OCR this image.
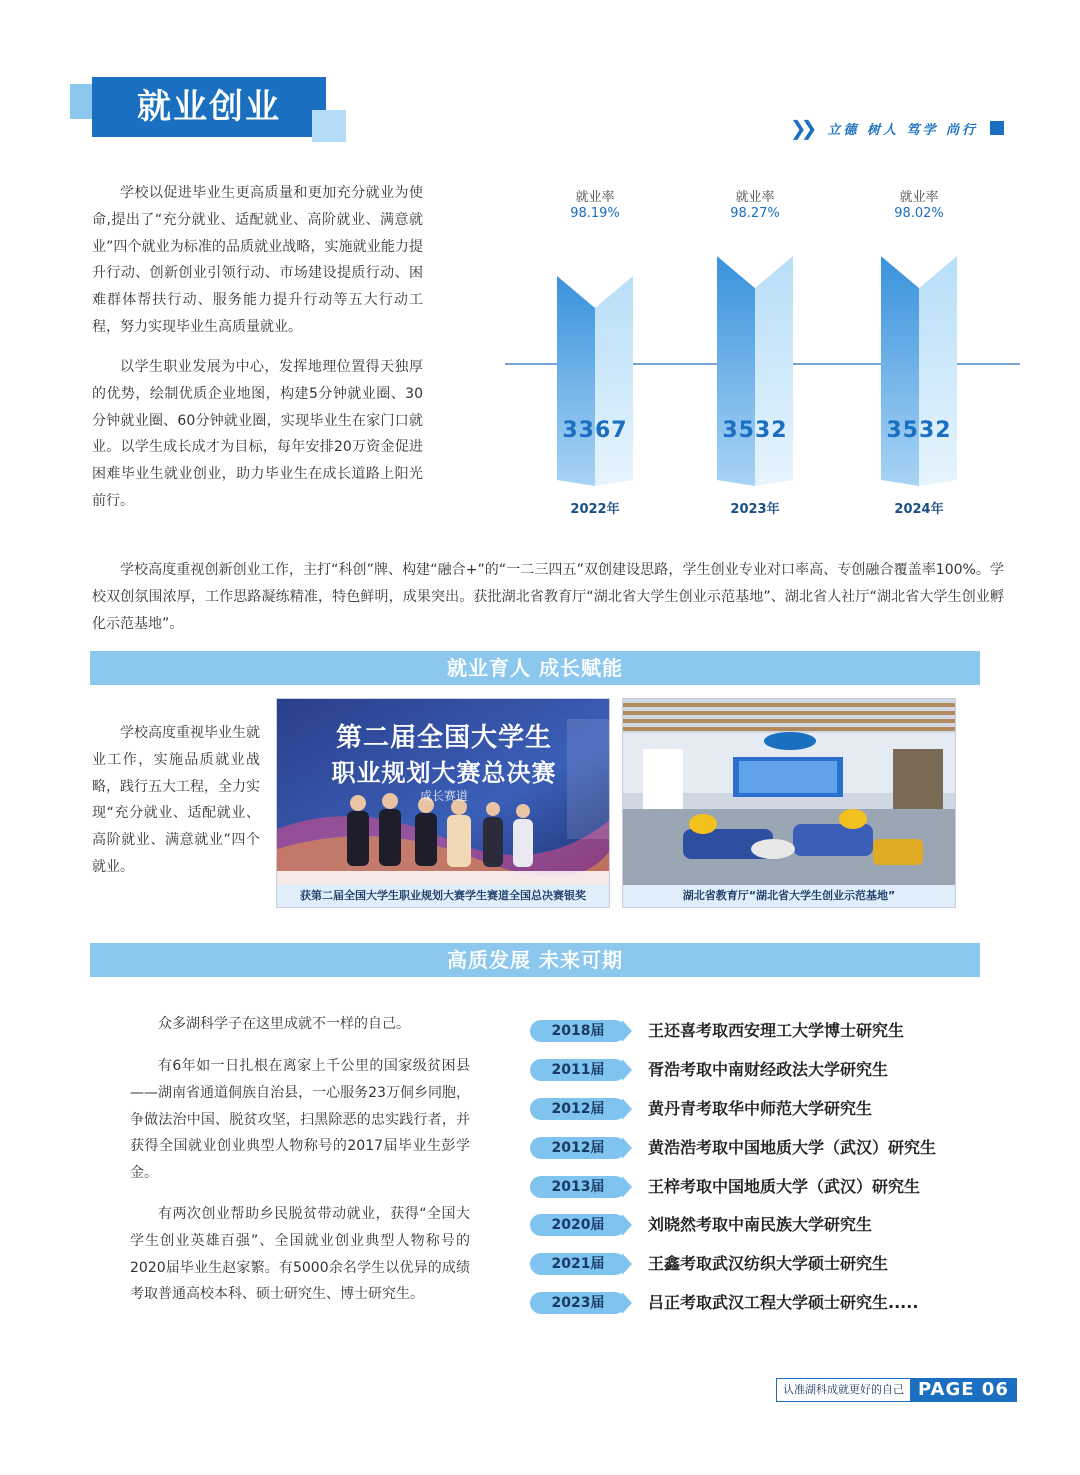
就业创业
❯❯ 立德 树人 笃学 尚行

学校以促进毕业生更高质量和更加充分就业为使命,提出了“充分就业、适配就业、高阶就业、满意就业”四个就业为标准的品质就业战略，实施就业能力提升行动、创新创业引领行动、市场建设提质行动、困难群体帮扶行动、服务能力提升行动等五大行动工程，努力实现毕业生高质量就业。

以学生职业发展为中心，发挥地理位置得天独厚的优势，绘制优质企业地图，构建5分钟就业圈、30分钟就业圈、60分钟就业圈，实现毕业生在家门口就业。以学生成长成才为目标，每年安排20万资金促进困难毕业生就业创业，助力毕业生在成长道路上阳光前行。

就业率
98.19%
3367
2022年
就业率
98.27%
3532
2023年
就业率
98.02%
3532
2024年

学校高度重视创新创业工作，主打“科创”牌、构建“融合+”的“一二三四五”双创建设思路，学生创业专业对口率高、专创融合覆盖率100%。学校双创氛围浓厚，工作思路凝练精准，特色鲜明，成果突出。获批湖北省教育厅“湖北省大学生创业示范基地”、湖北省人社厅“湖北省大学生创业孵化示范基地”。

就业育人 成长赋能

学校高度重视毕业生就业工作，实施品质就业战略，践行五大工程，全力实现“充分就业、适配就业、高阶就业、满意就业”四个就业。

第二届全国大学生
职业规划大赛总决赛
成长赛道
获第二届全国大学生职业规划大赛学生赛道全国总决赛银奖	湖北省教育厅“湖北省大学生创业示范基地”
高质发展 未来可期

众多湖科学子在这里成就不一样的自己。

有6年如一日扎根在离家上千公里的国家级贫困县——湖南省通道侗族自治县，一心服务23万侗乡同胞，争做法治中国、脱贫攻坚，扫黑除恶的忠实践行者，并获得全国就业创业典型人物称号的2017届毕业生彭学金。

有两次创业帮助乡民脱贫带动就业，获得“全国大学生创业英雄百强”、全国就业创业典型人物称号的2020届毕业生赵家繁。有5000余名学生以优异的成绩考取普通高校本科、硕士研究生、博士研究生。

2018届	王还喜考取西安理工大学博士研究生
2011届	胥浩考取中南财经政法大学研究生
2012届	黄丹青考取华中师范大学研究生
2012届	黄浩浩考取中国地质大学（武汉）研究生
2013届	王梓考取中国地质大学（武汉）研究生
2020届	刘晓然考取中南民族大学研究生
2021届	王鑫考取武汉纺织大学硕士研究生
2023届	吕正考取武汉工程大学硕士研究生.....
认准湖科成就更好的自己 PAGE 06
